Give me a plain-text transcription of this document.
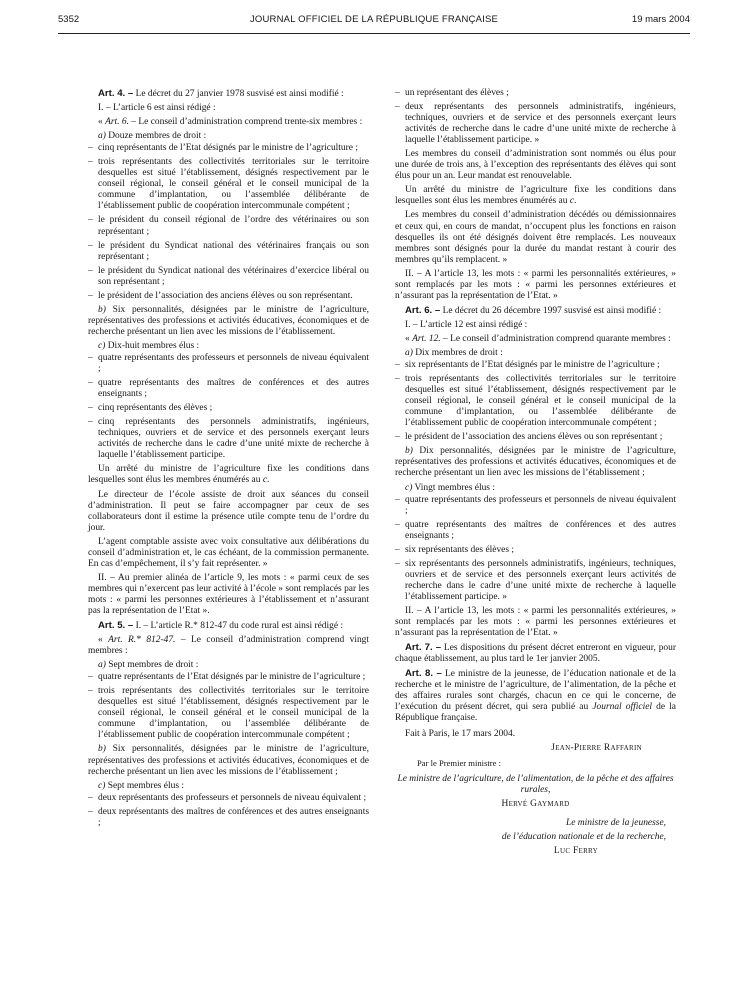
5352	JOURNAL OFFICIEL DE LA RÉPUBLIQUE FRANÇAISE	19 mars 2004

Art. 4. – Le décret du 27 janvier 1978 susvisé est ainsi modifié :

I. – L’article 6 est ainsi rédigé :

« Art. 6. – Le conseil d’administration comprend trente-six membres :

a) Douze membres de droit :

– cinq représentants de l’Etat désignés par le ministre de l’agriculture ;

– trois représentants des collectivités territoriales sur le territoire desquelles est situé l’établissement, désignés respectivement par le conseil régional, le conseil général et le conseil municipal de la commune d’implantation, ou l’assemblée délibérante de l’établissement public de coopération intercommunale compétent ;

– le président du conseil régional de l’ordre des vétérinaires ou son représentant ;

– le président du Syndicat national des vétérinaires français ou son représentant ;

– le président du Syndicat national des vétérinaires d’exercice libéral ou son représentant ;

– le président de l’association des anciens élèves ou son représentant.

b) Six personnalités, désignées par le ministre de l’agriculture, représentatives des professions et activités éducatives, économiques et de recherche présentant un lien avec les missions de l’établissement.

c) Dix-huit membres élus :

– quatre représentants des professeurs et personnels de niveau équivalent ;

– quatre représentants des maîtres de conférences et des autres enseignants ;

– cinq représentants des élèves ;

– cinq représentants des personnels administratifs, ingénieurs, techniques, ouvriers et de service et des personnels exerçant leurs activités de recherche dans le cadre d’une unité mixte de recherche à laquelle l’établissement participe.

Un arrêté du ministre de l’agriculture fixe les conditions dans lesquelles sont élus les membres énumérés au c.

Le directeur de l’école assiste de droit aux séances du conseil d’administration. Il peut se faire accompagner par ceux de ses collaborateurs dont il estime la présence utile compte tenu de l’ordre du jour.

L’agent comptable assiste avec voix consultative aux délibérations du conseil d’administration et, le cas échéant, de la commission permanente. En cas d’empêchement, il s’y fait représenter. »

II. – Au premier alinéa de l’article 9, les mots : « parmi ceux de ses membres qui n’exercent pas leur activité à l’école » sont remplacés par les mots : « parmi les personnes extérieures à l’établissement et n’assurant pas la représentation de l’Etat ».

Art. 5. – I. – L’article R.* 812-47 du code rural est ainsi rédigé :

« Art. R.* 812-47. – Le conseil d’administration comprend vingt membres :

a) Sept membres de droit :

– quatre représentants de l’Etat désignés par le ministre de l’agriculture ;

– trois représentants des collectivités territoriales sur le territoire desquelles est situé l’établissement, désignés respectivement par le conseil régional, le conseil général et le conseil municipal de la commune d’implantation, ou l’assemblée délibérante de l’établissement public de coopération intercommunale compétent ;

b) Six personnalités, désignées par le ministre de l’agriculture, représentatives des professions et activités éducatives, économiques et de recherche présentant un lien avec les missions de l’établissement ;

c) Sept membres élus :

– deux représentants des professeurs et personnels de niveau équivalent ;

– deux représentants des maîtres de conférences et des autres enseignants ;

– un représentant des élèves ;

– deux représentants des personnels administratifs, ingénieurs, techniques, ouvriers et de service et des personnels exerçant leurs activités de recherche dans le cadre d’une unité mixte de recherche à laquelle l’établissement participe. »

Les membres du conseil d’administration sont nommés ou élus pour une durée de trois ans, à l’exception des représentants des élèves qui sont élus pour un an. Leur mandat est renouvelable.

Un arrêté du ministre de l’agriculture fixe les conditions dans lesquelles sont élus les membres énumérés au c.

Les membres du conseil d’administration décédés ou démissionnaires et ceux qui, en cours de mandat, n’occupent plus les fonctions en raison desquelles ils ont été désignés doivent être remplacés. Les nouveaux membres sont désignés pour la durée du mandat restant à courir des membres qu’ils remplacent. »

II. – A l’article 13, les mots : « parmi les personnalités extérieures, » sont remplacés par les mots : « parmi les personnes extérieures et n’assurant pas la représentation de l’Etat. »

Art. 6. – Le décret du 26 décembre 1997 susvisé est ainsi modifié :

I. – L’article 12 est ainsi rédigé :

« Art. 12. – Le conseil d’administration comprend quarante membres :

a) Dix membres de droit :

– six représentants de l’Etat désignés par le ministre de l’agriculture ;

– trois représentants des collectivités territoriales sur le territoire desquelles est situé l’établissement, désignés respectivement par le conseil régional, le conseil général et le conseil municipal de la commune d’implantation, ou l’assemblée délibérante de l’établissement public de coopération intercommunale compétent ;

– le président de l’association des anciens élèves ou son représentant ;

b) Dix personnalités, désignées par le ministre de l’agriculture, représentatives des professions et activités éducatives, économiques et de recherche présentant un lien avec les missions de l’établissement ;

c) Vingt membres élus :

– quatre représentants des professeurs et personnels de niveau équivalent ;

– quatre représentants des maîtres de conférences et des autres enseignants ;

– six représentants des élèves ;

– six représentants des personnels administratifs, ingénieurs, techniques, ouvriers et de service et des personnels exerçant leurs activités de recherche dans le cadre d’une unité mixte de recherche à laquelle l’établissement participe. »

II. – A l’article 13, les mots : « parmi les personnalités extérieures, » sont remplacés par les mots : « parmi les personnes extérieures et n’assurant pas la représentation de l’Etat. »

Art. 7. – Les dispositions du présent décret entreront en vigueur, pour chaque établissement, au plus tard le 1er janvier 2005.

Art. 8. – Le ministre de la jeunesse, de l’éducation nationale et de la recherche et le ministre de l’agriculture, de l’alimentation, de la pêche et des affaires rurales sont chargés, chacun en ce qui le concerne, de l’exécution du présent décret, qui sera publié au Journal officiel de la République française.

Fait à Paris, le 17 mars 2004.

Jean-Pierre Raffarin

Par le Premier ministre :

Le ministre de l’agriculture, de l’alimentation, de la pêche et des affaires rurales,

Hervé Gaymard

Le ministre de la jeunesse,

de l’éducation nationale et de la recherche,

Luc Ferry
